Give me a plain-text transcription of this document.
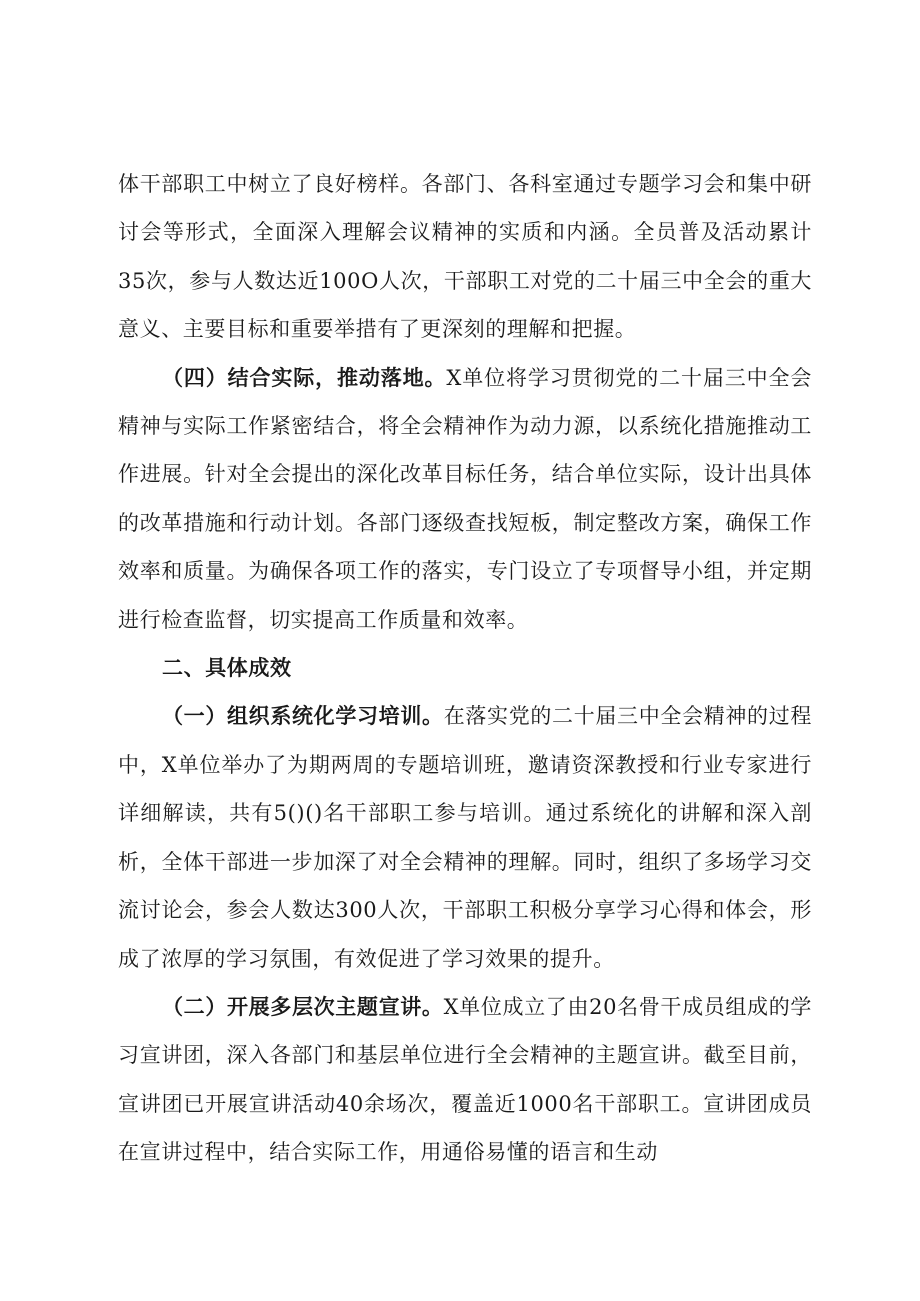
体干部职工中树立了良好榜样。各部门、各科室通过专题学习会和集中研讨会等形式，全面深入理解会议精神的实质和内涵。全员普及活动累计35次，参与人数达近100O人次，干部职工对党的二十届三中全会的重大意义、主要目标和重要举措有了更深刻的理解和把握。

（四）结合实际，推动落地。X单位将学习贯彻党的二十届三中全会精神与实际工作紧密结合，将全会精神作为动力源，以系统化措施推动工作进展。针对全会提出的深化改革目标任务，结合单位实际，设计出具体的改革措施和行动计划。各部门逐级查找短板，制定整改方案，确保工作效率和质量。为确保各项工作的落实，专门设立了专项督导小组，并定期进行检查监督，切实提高工作质量和效率。

二、具体成效

（一）组织系统化学习培训。在落实党的二十届三中全会精神的过程中，X单位举办了为期两周的专题培训班，邀请资深教授和行业专家进行详细解读，共有5()()名干部职工参与培训。通过系统化的讲解和深入剖析，全体干部进一步加深了对全会精神的理解。同时，组织了多场学习交流讨论会，参会人数达300人次，干部职工积极分享学习心得和体会，形成了浓厚的学习氛围，有效促进了学习效果的提升。

（二）开展多层次主题宣讲。X单位成立了由20名骨干成员组成的学习宣讲团，深入各部门和基层单位进行全会精神的主题宣讲。截至目前，宣讲团已开展宣讲活动40余场次，覆盖近1000名干部职工。宣讲团成员在宣讲过程中，结合实际工作，用通俗易懂的语言和生动
